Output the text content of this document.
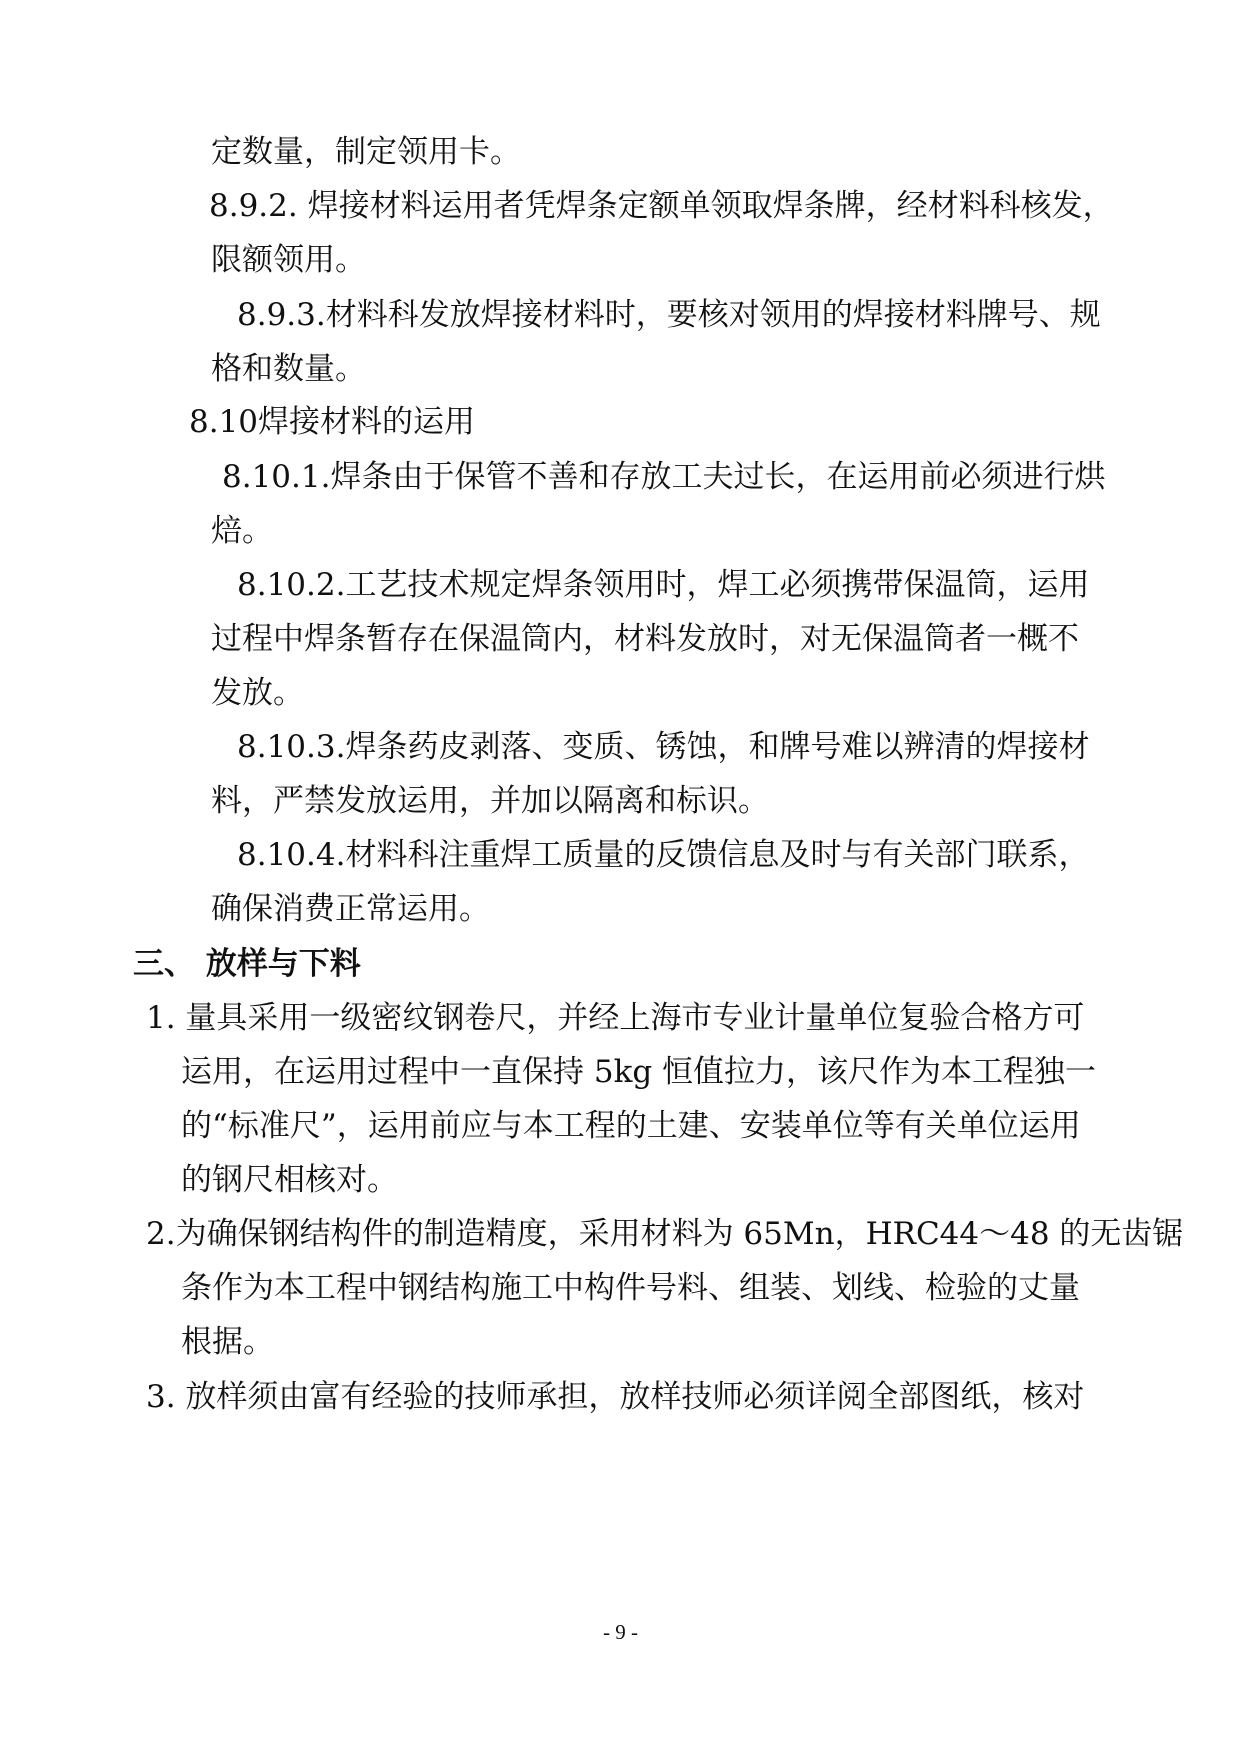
定数量，制定领用卡。
8.9.2. 焊接材料运用者凭焊条定额单领取焊条牌，经材料科核发，
限额领用。
8.9.3.材料科发放焊接材料时，要核对领用的焊接材料牌号、规
格和数量。
8.10焊接材料的运用
8.10.1.焊条由于保管不善和存放工夫过长，在运用前必须进行烘
焙。
8.10.2.工艺技术规定焊条领用时，焊工必须携带保温筒，运用
过程中焊条暂存在保温筒内，材料发放时，对无保温筒者一概不
发放。
8.10.3.焊条药皮剥落、变质、锈蚀，和牌号难以辨清的焊接材
料，严禁发放运用，并加以隔离和标识。
8.10.4.材料科注重焊工质量的反馈信息及时与有关部门联系，
确保消费正常运用。
三、 放样与下料
1. 量具采用一级密纹钢卷尺，并经上海市专业计量单位复验合格方可
运用，在运用过程中一直保持 5kg 恒值拉力，该尺作为本工程独一
的“标准尺”，运用前应与本工程的土建、安装单位等有关单位运用
的钢尺相核对。
2.为确保钢结构件的制造精度，采用材料为 65Mn，HRC44～48 的无齿锯
条作为本工程中钢结构施工中构件号料、组装、划线、检验的丈量
根据。
3. 放样须由富有经验的技师承担，放样技师必须详阅全部图纸，核对
- 9 -
